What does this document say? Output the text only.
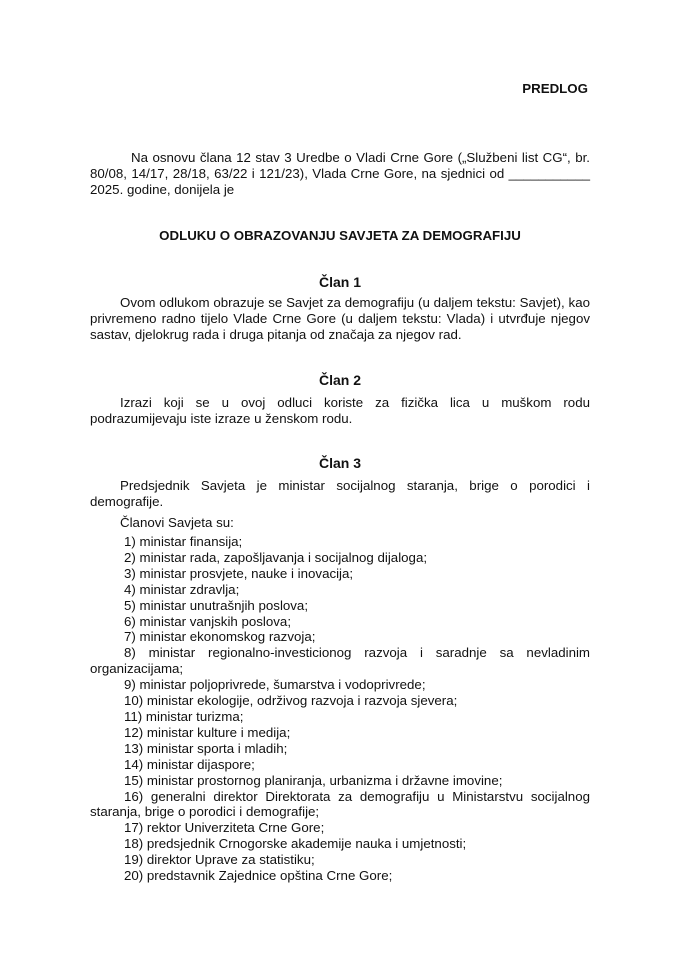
PREDLOG

Na osnovu člana 12 stav 3 Uredbe o Vladi Crne Gore („Službeni list CG“, br. 80/08, 14/17, 28/18, 63/22 i 121/23), Vlada Crne Gore, na sjednici od ___________ 2025. godine, donijela je

ODLUKU O OBRAZOVANJU SAVJETA ZA DEMOGRAFIJU
Član 1

Ovom odlukom obrazuje se Savjet za demografiju (u daljem tekstu: Savjet), kao privremeno radno tijelo Vlade Crne Gore (u daljem tekstu: Vlada) i utvrđuje njegov sastav, djelokrug rada i druga pitanja od značaja za njegov rad.

Član 2

Izrazi koji se u ovoj odluci koriste za fizička lica u muškom rodu podrazumijevaju iste izraze u ženskom rodu.

Član 3

Predsjednik Savjeta je ministar socijalnog staranja, brige o porodici i demografije.

Članovi Savjeta su:

1) ministar finansija;

2) ministar rada, zapošljavanja i socijalnog dijaloga;

3) ministar prosvjete, nauke i inovacija;

4) ministar zdravlja;

5) ministar unutrašnjih poslova;

6) ministar vanjskih poslova;

7) ministar ekonomskog razvoja;

8) ministar regionalno-investicionog razvoja i saradnje sa nevladinim organizacijama;

9) ministar poljoprivrede, šumarstva i vodoprivrede;

10) ministar ekologije, održivog razvoja i razvoja sjevera;

11) ministar turizma;

12) ministar kulture i medija;

13) ministar sporta i mladih;

14) ministar dijaspore;

15) ministar prostornog planiranja, urbanizma i državne imovine;

16) generalni direktor Direktorata za demografiju u Ministarstvu socijalnog staranja, brige o porodici i demografije;

17) rektor Univerziteta Crne Gore;

18) predsjednik Crnogorske akademije nauka i umjetnosti;

19) direktor Uprave za statistiku;

20) predstavnik Zajednice opština Crne Gore;
